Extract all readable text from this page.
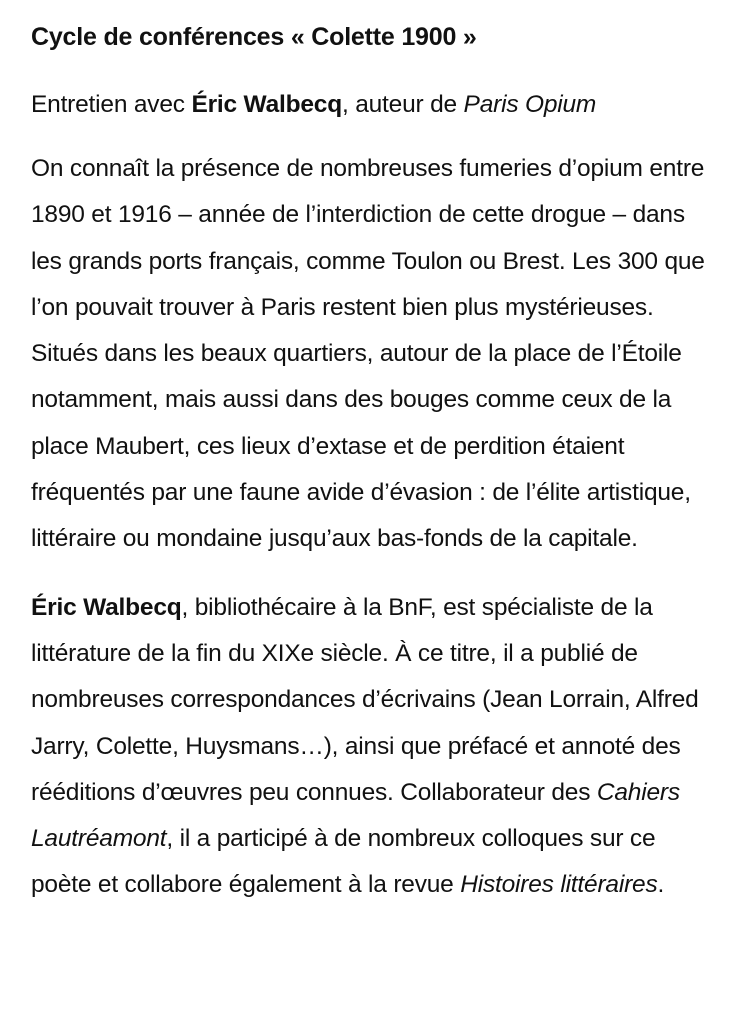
Cycle de conférences « Colette 1900 »

Entretien avec Éric Walbecq, auteur de Paris Opium

On connaît la présence de nombreuses fumeries d’opium entre 1890 et 1916 – année de l’interdiction de cette drogue – dans les grands ports français, comme Toulon ou Brest. Les 300 que l’on pouvait trouver à Paris restent bien plus mystérieuses. Situés dans les beaux quartiers, autour de la place de l’Étoile notamment, mais aussi dans des bouges comme ceux de la place Maubert, ces lieux d’extase et de perdition étaient fréquentés par une faune avide d’évasion : de l’élite artistique, littéraire ou mondaine jusqu’aux bas-fonds de la capitale.

Éric Walbecq, bibliothécaire à la BnF, est spécialiste de la littérature de la fin du XIXe siècle. À ce titre, il a publié de nombreuses correspondances d’écrivains (Jean Lorrain, Alfred Jarry, Colette, Huysmans…), ainsi que préfacé et annoté des rééditions d’œuvres peu connues. Collaborateur des Cahiers Lautréamont, il a participé à de nombreux colloques sur ce poète et collabore également à la revue Histoires littéraires.
